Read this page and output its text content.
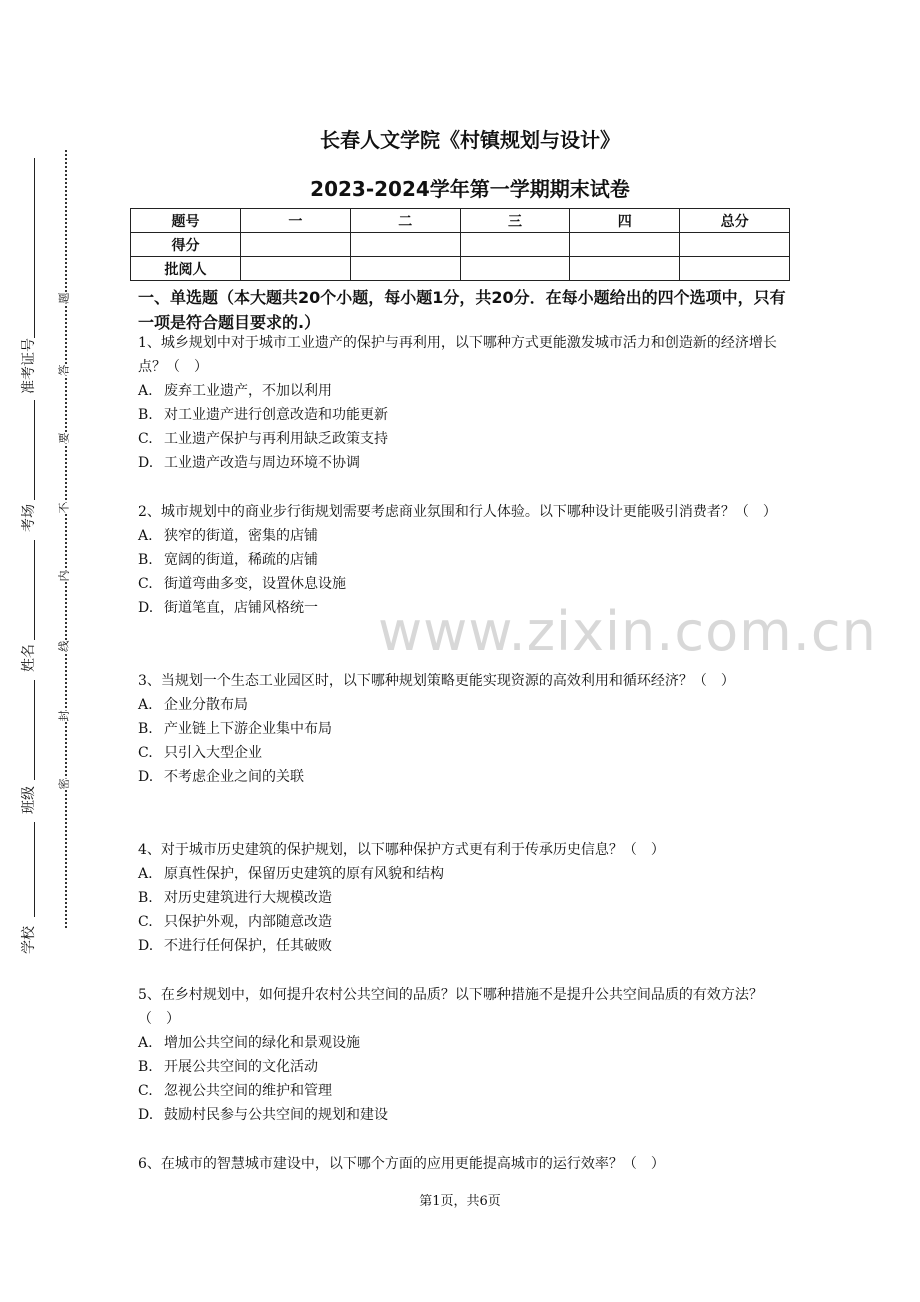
准考证号
考场
姓名
班级
学校
题
答
要
不
内
线
封
密
长春人文学院《村镇规划与设计》
2023-2024学年第一学期期末试卷
题号	一	二	三	四	总分
得分					
批阅人					
一、单选题（本大题共20个小题，每小题1分，共20分．在每小题给出的四个选项中，只有一项是符合题目要求的.）

1、城乡规划中对于城市工业遗产的保护与再利用，以下哪种方式更能激发城市活力和创造新的经济增长点？（　）

A. 废弃工业遗产，不加以利用

B. 对工业遗产进行创意改造和功能更新

C. 工业遗产保护与再利用缺乏政策支持

D. 工业遗产改造与周边环境不协调

2、城市规划中的商业步行街规划需要考虑商业氛围和行人体验。以下哪种设计更能吸引消费者？（　）

A. 狭窄的街道，密集的店铺

B. 宽阔的街道，稀疏的店铺

C. 街道弯曲多变，设置休息设施

D. 街道笔直，店铺风格统一

3、当规划一个生态工业园区时，以下哪种规划策略更能实现资源的高效利用和循环经济？（　）

A. 企业分散布局

B. 产业链上下游企业集中布局

C. 只引入大型企业

D. 不考虑企业之间的关联

4、对于城市历史建筑的保护规划，以下哪种保护方式更有利于传承历史信息？（　）

A. 原真性保护，保留历史建筑的原有风貌和结构

B. 对历史建筑进行大规模改造

C. 只保护外观，内部随意改造

D. 不进行任何保护，任其破败

5、在乡村规划中，如何提升农村公共空间的品质？以下哪种措施不是提升公共空间品质的有效方法？（　）

A. 增加公共空间的绿化和景观设施

B. 开展公共空间的文化活动

C. 忽视公共空间的维护和管理

D. 鼓励村民参与公共空间的规划和建设

6、在城市的智慧城市建设中，以下哪个方面的应用更能提高城市的运行效率？（　）

www.zixin.com.cn
第1页，共6页
